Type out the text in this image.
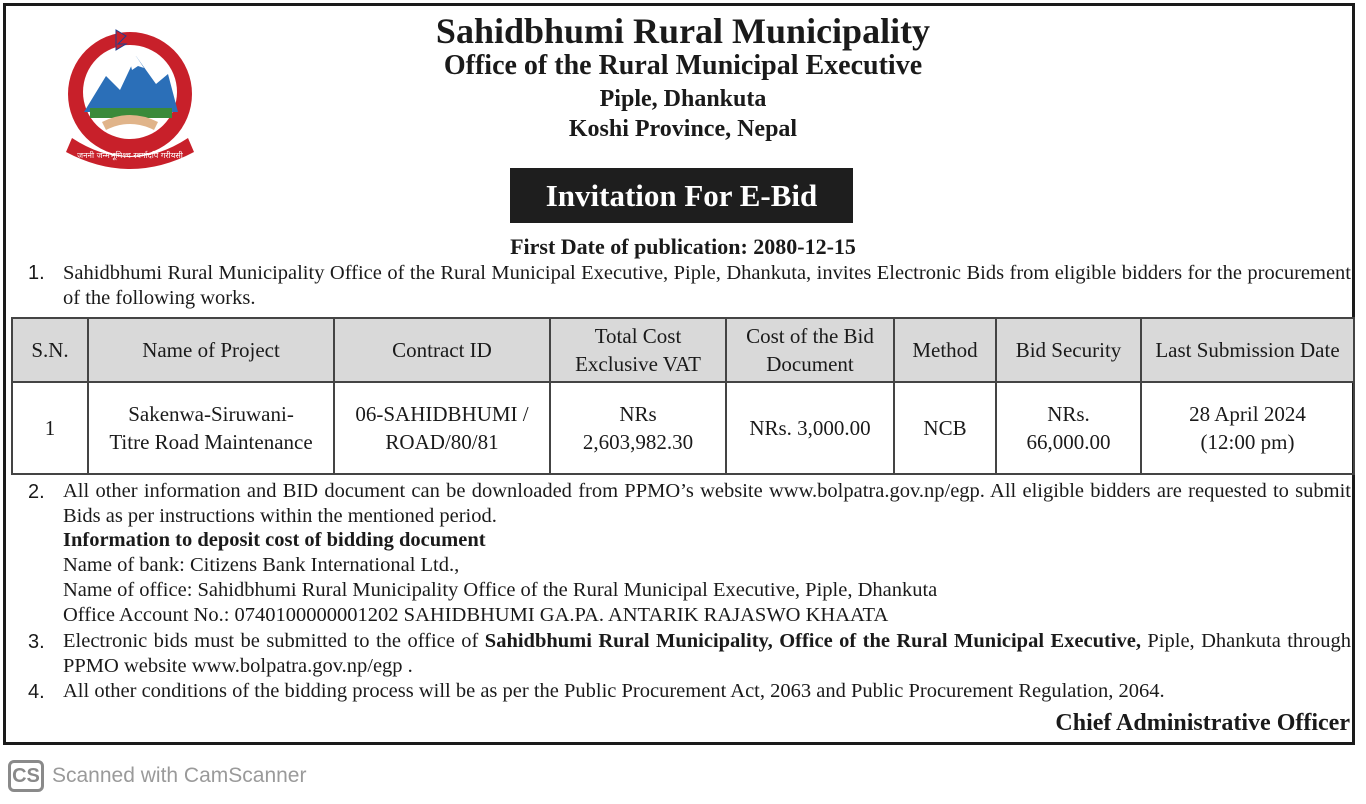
जननी जन्मभूमिश्च स्वर्गादपि गरीयसी
Sahidbhumi Rural Municipality
Office of the Rural Municipal Executive
Piple, Dhankuta
Koshi Province, Nepal
Invitation For E-Bid
First Date of publication: 2080-12-15
1. Sahidbhumi Rural Municipality Office of the Rural Municipal Executive, Piple, Dhankuta, invites Electronic Bids from eligible bidders for the procurement of the following works.
S.N.	Name of Project	Contract ID	Total Cost Exclusive VAT	Cost of the Bid Document	Method	Bid Security	Last Submission Date
1	Sakenwa-Siruwani- Titre Road Maintenance	06-SAHIDBHUMI / ROAD/80/81	NRs 2,603,982.30	NRs. 3,000.00	NCB	NRs. 66,000.00	28 April 2024 (12:00 pm)
2. All other information and BID document can be downloaded from PPMO’s website www.bolpatra.gov.np/egp. All eligible bidders are requested to submit Bids as per instructions within the mentioned period.
Information to deposit cost of bidding document
Name of bank: Citizens Bank International Ltd.,
Name of office: Sahidbhumi Rural Municipality Office of the Rural Municipal Executive, Piple, Dhankuta
Office Account No.: 0740100000001202 SAHIDBHUMI GA.PA. ANTARIK RAJASWO KHAATA
3. Electronic bids must be submitted to the office of Sahidbhumi Rural Municipality, Office of the Rural Municipal Executive, Piple, Dhankuta through PPMO website www.bolpatra.gov.np/egp .
4. All other conditions of the bidding process will be as per the Public Procurement Act, 2063 and Public Procurement Regulation, 2064.
Chief Administrative Officer
CS Scanned with CamScanner
